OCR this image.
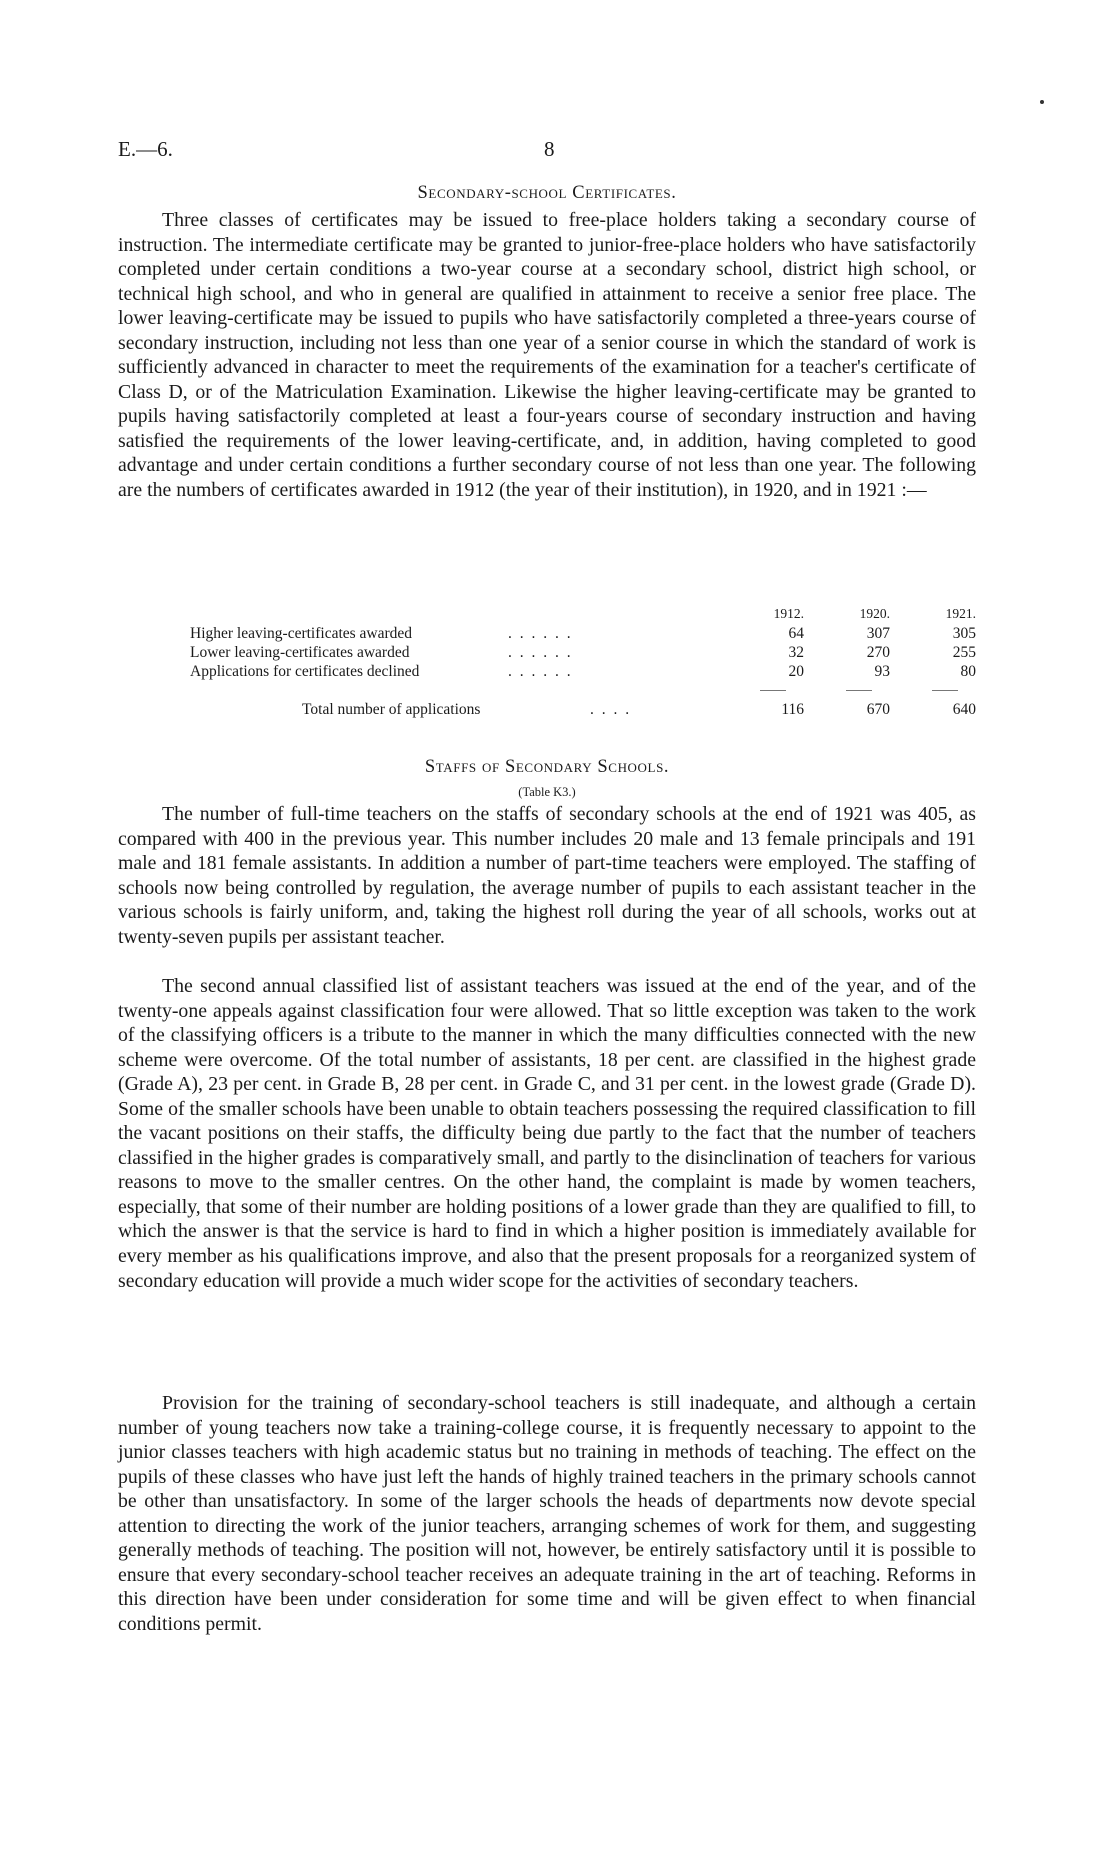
E.—6.	8
Secondary-school Certificates.

Three classes of certificates may be issued to free-place holders taking a secondary course of instruction. The intermediate certificate may be granted to junior-free-place holders who have satisfactorily completed under certain conditions a two-year course at a secondary school, district high school, or technical high school, and who in general are qualified in attainment to receive a senior free place. The lower leaving-certificate may be issued to pupils who have satisfactorily completed a three-years course of secondary instruction, including not less than one year of a senior course in which the standard of work is sufficiently advanced in character to meet the requirements of the examination for a teacher's certificate of Class D, or of the Matriculation Examination. Likewise the higher leaving-certificate may be granted to pupils having satisfactorily completed at least a four-years course of secondary instruction and having satisfied the requirements of the lower leaving-certificate, and, in addition, having completed to good advantage and under certain conditions a further secondary course of not less than one year. The following are the numbers of certificates awarded in 1912 (the year of their institution), in 1920, and in 1921 :—

1912.	1920.	1921.
Higher leaving-certificates awarded	. . . . . .	64	307	305
Lower leaving-certificates awarded	. . . . . .	32	270	255
Applications for certificates declined	. . . . . .	20	93	80
Total number of applications	. . . .	116	670	640
Staffs of Secondary Schools.
(Table K3.)

The number of full-time teachers on the staffs of secondary schools at the end of 1921 was 405, as compared with 400 in the previous year. This number includes 20 male and 13 female principals and 191 male and 181 female assistants. In addition a number of part-time teachers were employed. The staffing of schools now being controlled by regulation, the average number of pupils to each assistant teacher in the various schools is fairly uniform, and, taking the highest roll during the year of all schools, works out at twenty-seven pupils per assistant teacher.

The second annual classified list of assistant teachers was issued at the end of the year, and of the twenty-one appeals against classification four were allowed. That so little exception was taken to the work of the classifying officers is a tribute to the manner in which the many difficulties connected with the new scheme were overcome. Of the total number of assistants, 18 per cent. are classified in the highest grade (Grade A), 23 per cent. in Grade B, 28 per cent. in Grade C, and 31 per cent. in the lowest grade (Grade D). Some of the smaller schools have been unable to obtain teachers possessing the required classification to fill the vacant positions on their staffs, the difficulty being due partly to the fact that the number of teachers classified in the higher grades is comparatively small, and partly to the disinclination of teachers for various reasons to move to the smaller centres. On the other hand, the complaint is made by women teachers, especially, that some of their number are holding positions of a lower grade than they are qualified to fill, to which the answer is that the service is hard to find in which a higher position is immediately available for every member as his qualifications improve, and also that the present proposals for a reorganized system of secondary education will provide a much wider scope for the activities of secondary teachers.

Provision for the training of secondary-school teachers is still inadequate, and although a certain number of young teachers now take a training-college course, it is frequently necessary to appoint to the junior classes teachers with high academic status but no training in methods of teaching. The effect on the pupils of these classes who have just left the hands of highly trained teachers in the primary schools cannot be other than unsatisfactory. In some of the larger schools the heads of departments now devote special attention to directing the work of the junior teachers, arranging schemes of work for them, and suggesting generally methods of teaching. The position will not, however, be entirely satisfactory until it is possible to ensure that every secondary-school teacher receives an adequate training in the art of teaching. Reforms in this direction have been under consideration for some time and will be given effect to when financial conditions permit.
